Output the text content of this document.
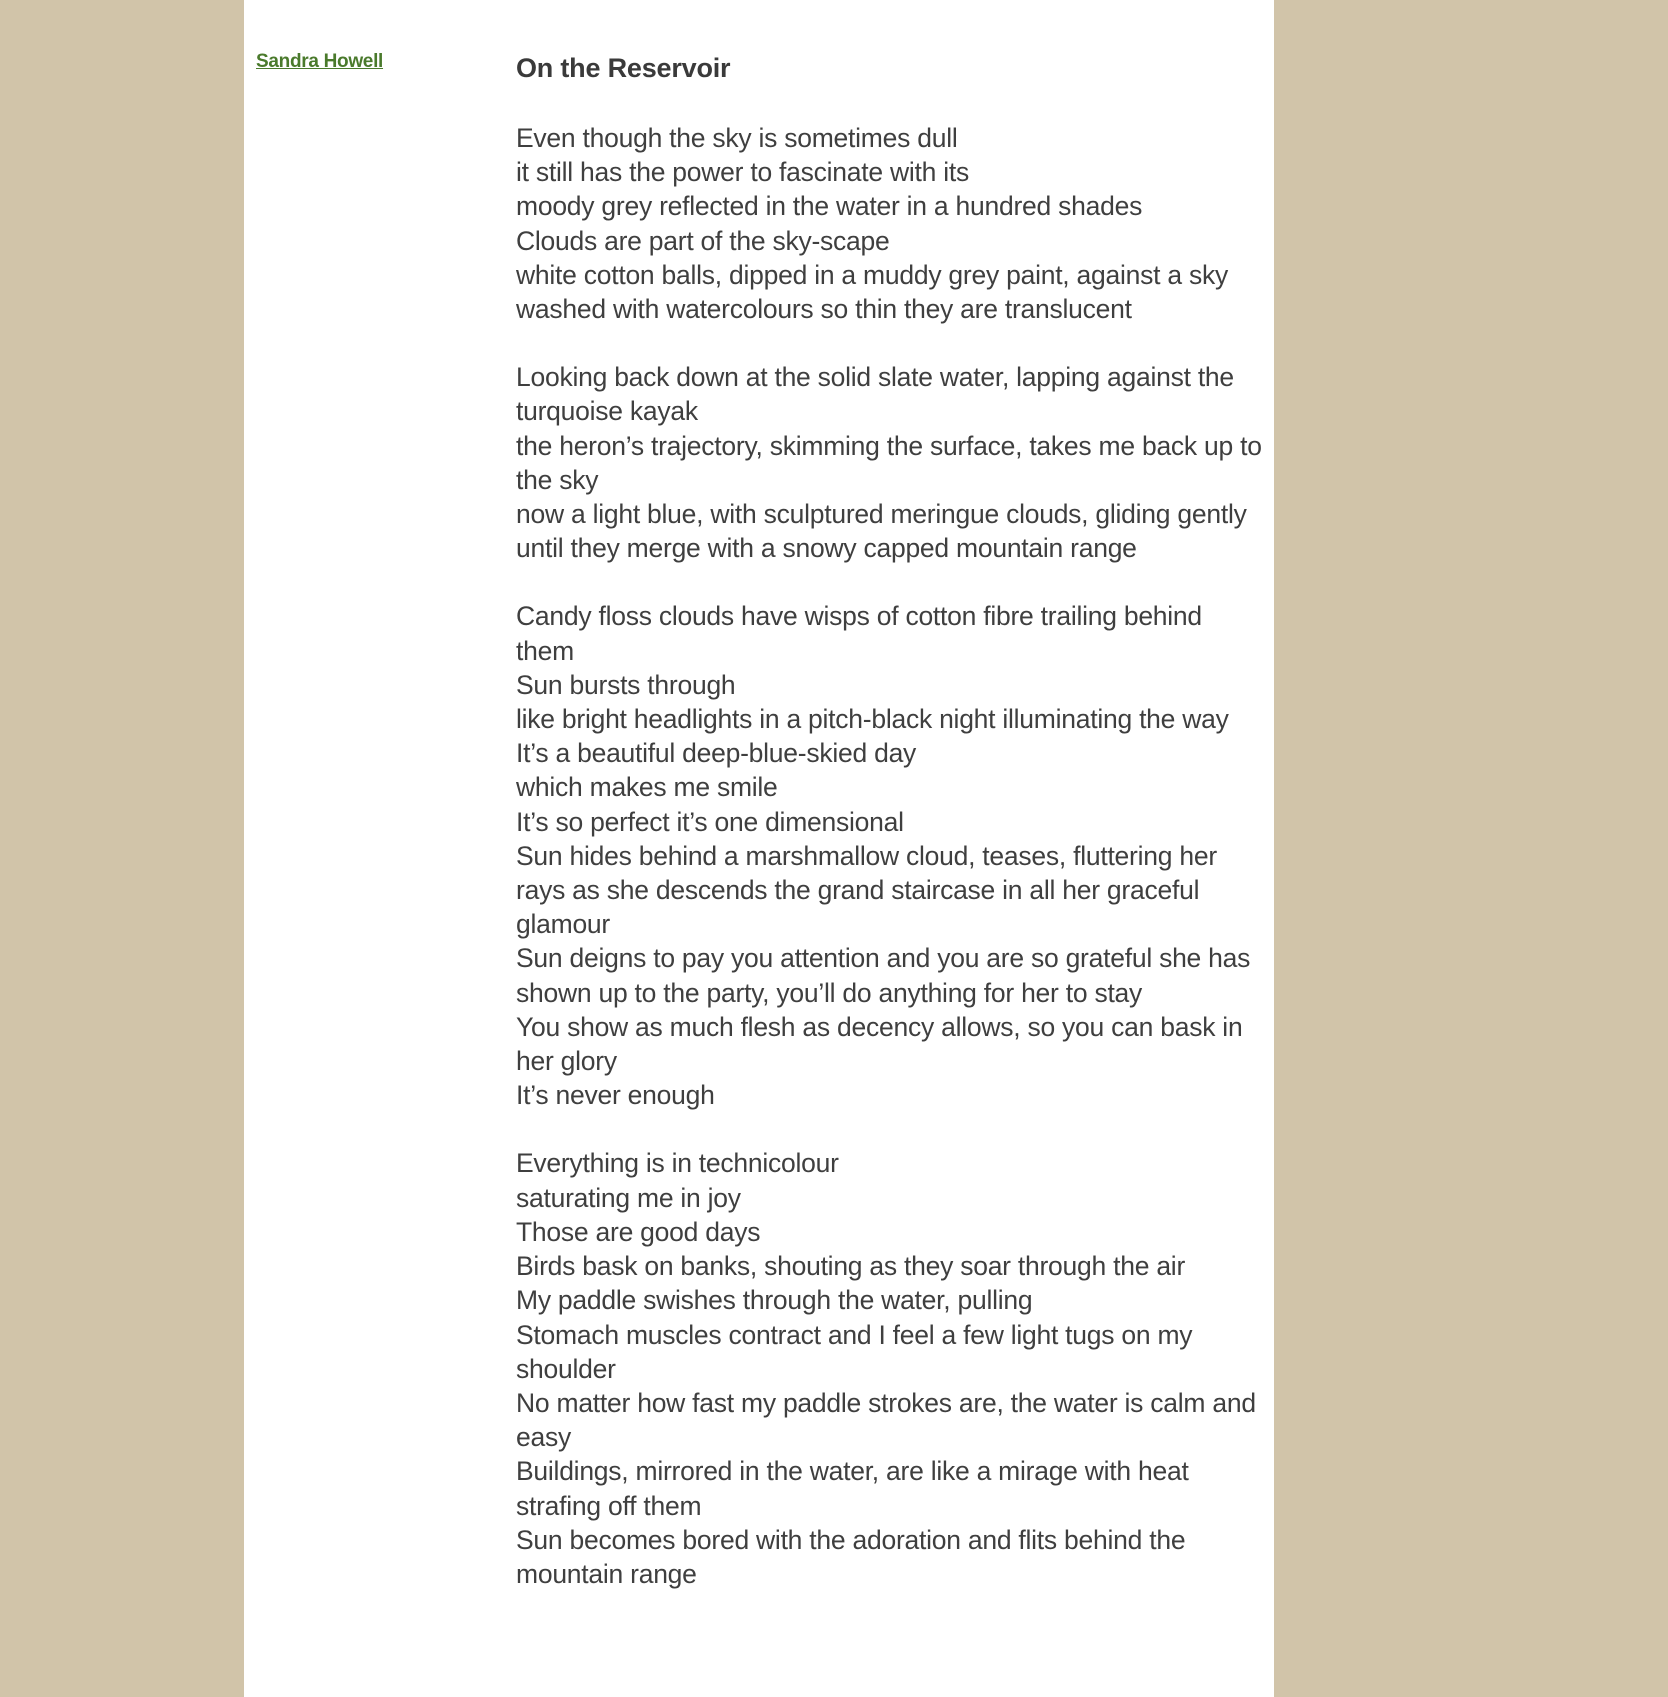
Sandra Howell	On the Reservoir
Even though the sky is sometimes dull
it still has the power to fascinate with its
moody grey reflected in the water in a hundred shades
Clouds are part of the sky-scape
white cotton balls, dipped in a muddy grey paint, against a sky washed with watercolours so thin they are translucent
Looking back down at the solid slate water, lapping against the turquoise kayak
the heron’s trajectory, skimming the surface, takes me back up to the sky
now a light blue, with sculptured meringue clouds, gliding gently until they merge with a snowy capped mountain range
Candy floss clouds have wisps of cotton fibre trailing behind them
Sun bursts through
like bright headlights in a pitch-black night illuminating the way
It’s a beautiful deep-blue-skied day
which makes me smile
It’s so perfect it’s one dimensional
Sun hides behind a marshmallow cloud, teases, fluttering her rays as she descends the grand staircase in all her graceful glamour
Sun deigns to pay you attention and you are so grateful she has shown up to the party, you’ll do anything for her to stay
You show as much flesh as decency allows, so you can bask in her glory
It’s never enough
Everything is in technicolour
saturating me in joy
Those are good days
Birds bask on banks, shouting as they soar through the air
My paddle swishes through the water, pulling
Stomach muscles contract and I feel a few light tugs on my shoulder
No matter how fast my paddle strokes are, the water is calm and easy
Buildings, mirrored in the water, are like a mirage with heat strafing off them
Sun becomes bored with the adoration and flits behind the mountain range
